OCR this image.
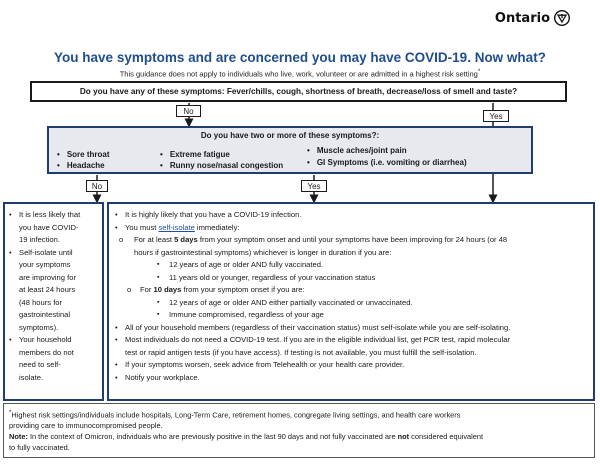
Ontario
You have symptoms and are concerned you may have COVID-19. Now what?
This guidance does not apply to individuals who live, work, volunteer or are admitted in a highest risk setting*
Do you have any of these symptoms: Fever/chills, cough, shortness of breath, decrease/loss of smell and taste?
No
Yes
Do you have two or more of these symptoms?:
• Sore throat
• Headache
• Extreme fatigue
• Runny nose/nasal congestion
• Muscle aches/joint pain
• GI Symptoms (i.e. vomiting or diarrhea)
No	Yes
• It is less likely that
you have COVID-
19 infection.
• Self-isolate until
your symptoms
are improving for
at least 24 hours
(48 hours for
gastrointestinal
symptoms).
• Your household
members do not
need to self-
isolate.
• It is highly likely that you have a COVID-19 infection.
• You must self-isolate immediately:
o For at least 5 days from your symptom onset and until your symptoms have been improving for 24 hours (or 48
hours if gastrointestinal symptoms) whichever is longer in duration if you are:
▪ 12 years of age or older AND fully vaccinated.
▪ 11 years old or younger, regardless of your vaccination status
o For 10 days from your symptom onset if you are:
▪ 12 years of age or older AND either partially vaccinated or unvaccinated.
▪ Immune compromised, regardless of your age
• All of your household members (regardless of their vaccination status) must self-isolate while you are self-isolating.
• Most individuals do not need a COVID-19 test. If you are in the eligible individual list, get PCR test, rapid molecular
test or rapid antigen tests (if you have access). If testing is not available, you must fulfill the self-isolation.
• If your symptoms worsen, seek advice from Telehealth or your health care provider.
• Notify your workplace.

*Highest risk settings/individuals include hospitals, Long-Term Care, retirement homes, congregate living settings, and health care workers
providing care to immunocompromised people.

Note: In the context of Omicron, individuals who are previously positive in the last 90 days and not fully vaccinated are not considered equivalent
to fully vaccinated.
